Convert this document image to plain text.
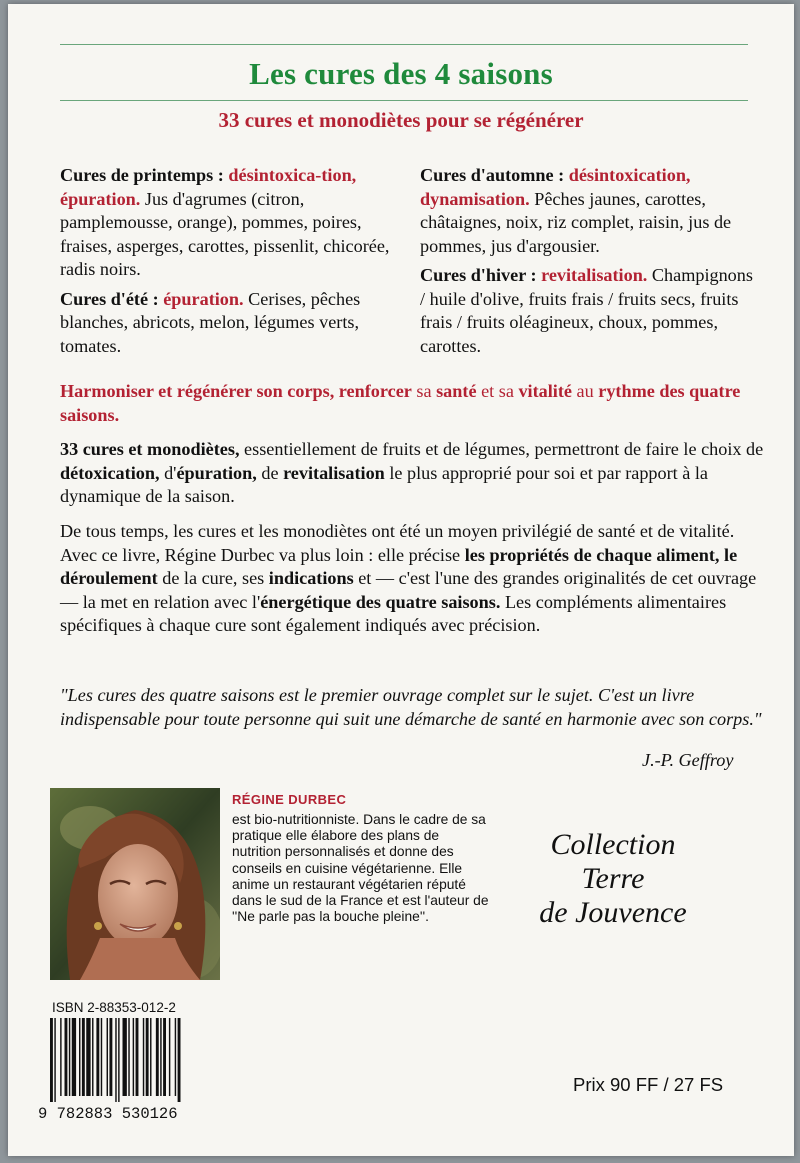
Les cures des 4 saisons
33 cures et monodiètes pour se régénérer

Cures de printemps : désintoxica-tion, épuration. Jus d'agrumes (citron, pamplemousse, orange), pommes, poires, fraises, asperges, carottes, pissenlit, chicorée, radis noirs.

Cures d'été : épuration. Cerises, pêches blanches, abricots, melon, légumes verts, tomates.

Cures d'automne : désintoxication, dynamisation. Pêches jaunes, carottes, châtaignes, noix, riz complet, raisin, jus de pommes, jus d'argousier.

Cures d'hiver : revitalisation. Champignons / huile d'olive, fruits frais / fruits secs, fruits frais / fruits oléagineux, choux, pommes, carottes.

Harmoniser et régénérer son corps, renforcer sa santé et sa vitalité au rythme des quatre saisons.
33 cures et monodiètes, essentiellement de fruits et de légumes, permettront de faire le choix de détoxication, d'épuration, de revitalisation le plus approprié pour soi et par rapport à la dynamique de la saison.
De tous temps, les cures et les monodiètes ont été un moyen privilégié de santé et de vitalité. Avec ce livre, Régine Durbec va plus loin : elle précise les propriétés de chaque aliment, le déroulement de la cure, ses indications et — c'est l'une des grandes originalités de cet ouvrage — la met en relation avec l'énergétique des quatre saisons. Les compléments alimentaires spécifiques à chaque cure sont également indiqués avec précision.
"Les cures des quatre saisons est le premier ouvrage complet sur le sujet. C'est un livre indispensable pour toute personne qui suit une démarche de santé en harmonie avec son corps."
J.-P. Geffroy
RÉGINE DURBEC
est bio-nutritionniste. Dans le cadre de sa pratique elle élabore des plans de nutrition personnalisés et donne des conseils en cuisine végétarienne. Elle anime un restaurant végétarien réputé dans le sud de la France et est l'auteur de ''Ne parle pas la bouche pleine''.
Collection
Terre
de Jouvence
ISBN 2-88353-012-2
9 782883 530126
Prix 90 FF / 27 FS
